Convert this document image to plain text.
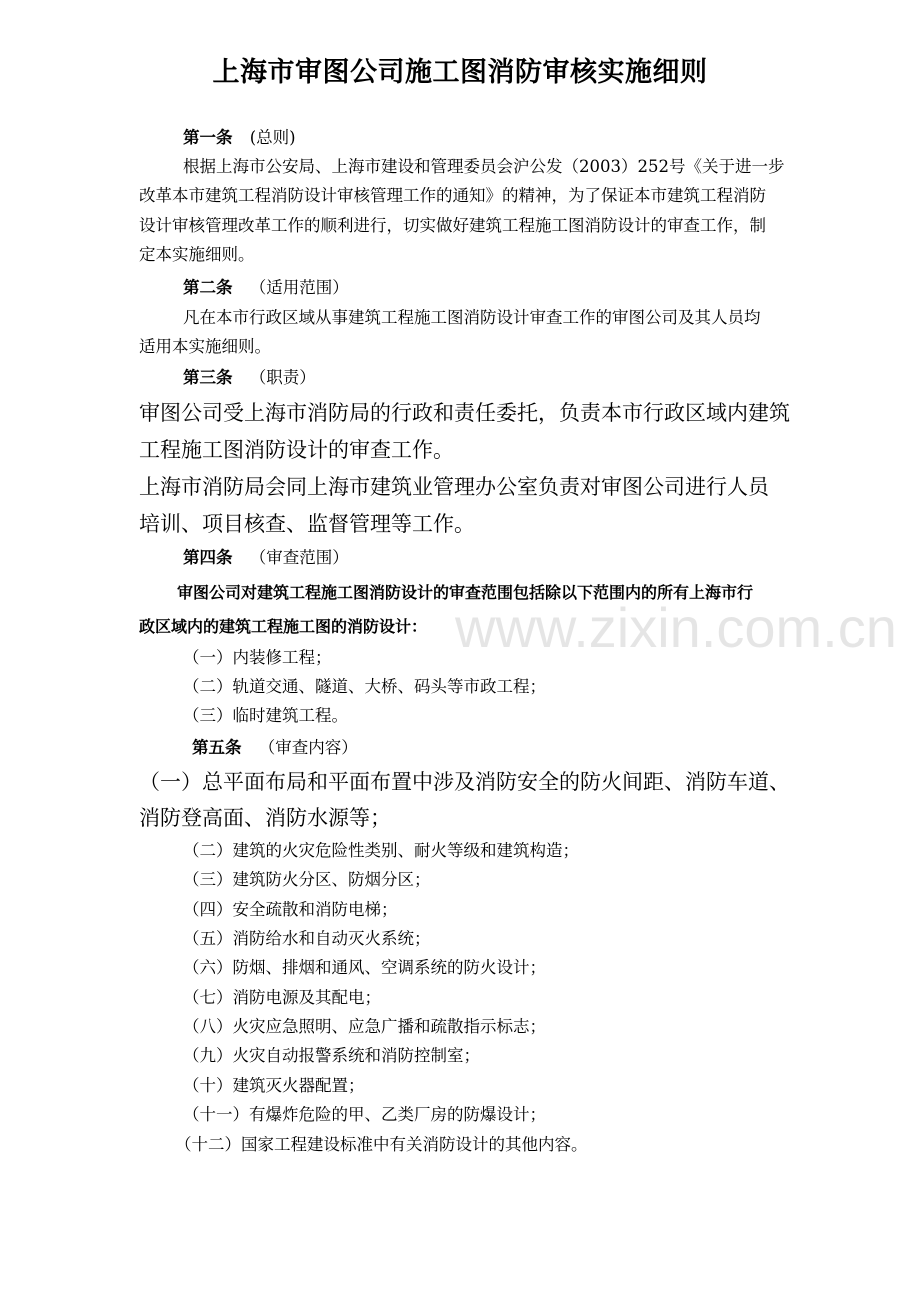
上海市审图公司施工图消防审核实施细则
第一条 (总则)
根据上海市公安局、上海市建设和管理委员会沪公发（2003）252号《关于进一步
改革本市建筑工程消防设计审核管理工作的通知》的精神，为了保证本市建筑工程消防
设计审核管理改革工作的顺利进行，切实做好建筑工程施工图消防设计的审查工作，制
定本实施细则。
第二条 （适用范围）
凡在本市行政区域从事建筑工程施工图消防设计审查工作的审图公司及其人员均
适用本实施细则。
第三条 （职责）
审图公司受上海市消防局的行政和责任委托，负责本市行政区域内建筑
工程施工图消防设计的审查工作。
上海市消防局会同上海市建筑业管理办公室负责对审图公司进行人员
培训、项目核查、监督管理等工作。
第四条 （审查范围）
审图公司对建筑工程施工图消防设计的审查范围包括除以下范围内的所有上海市行
政区域内的建筑工程施工图的消防设计：
（一）内装修工程；
（二）轨道交通、隧道、大桥、码头等市政工程；
（三）临时建筑工程。
第五条 （审查内容）
（一）总平面布局和平面布置中涉及消防安全的防火间距、消防车道、
消防登高面、消防水源等；
（二）建筑的火灾危险性类别、耐火等级和建筑构造；
（三）建筑防火分区、防烟分区；
（四）安全疏散和消防电梯；
（五）消防给水和自动灭火系统；
（六）防烟、排烟和通风、空调系统的防火设计；
（七）消防电源及其配电；
（八）火灾应急照明、应急广播和疏散指示标志；
（九）火灾自动报警系统和消防控制室；
（十）建筑灭火器配置；
（十一）有爆炸危险的甲、乙类厂房的防爆设计；
（十二）国家工程建设标准中有关消防设计的其他内容。
www.zixin.com.cn
